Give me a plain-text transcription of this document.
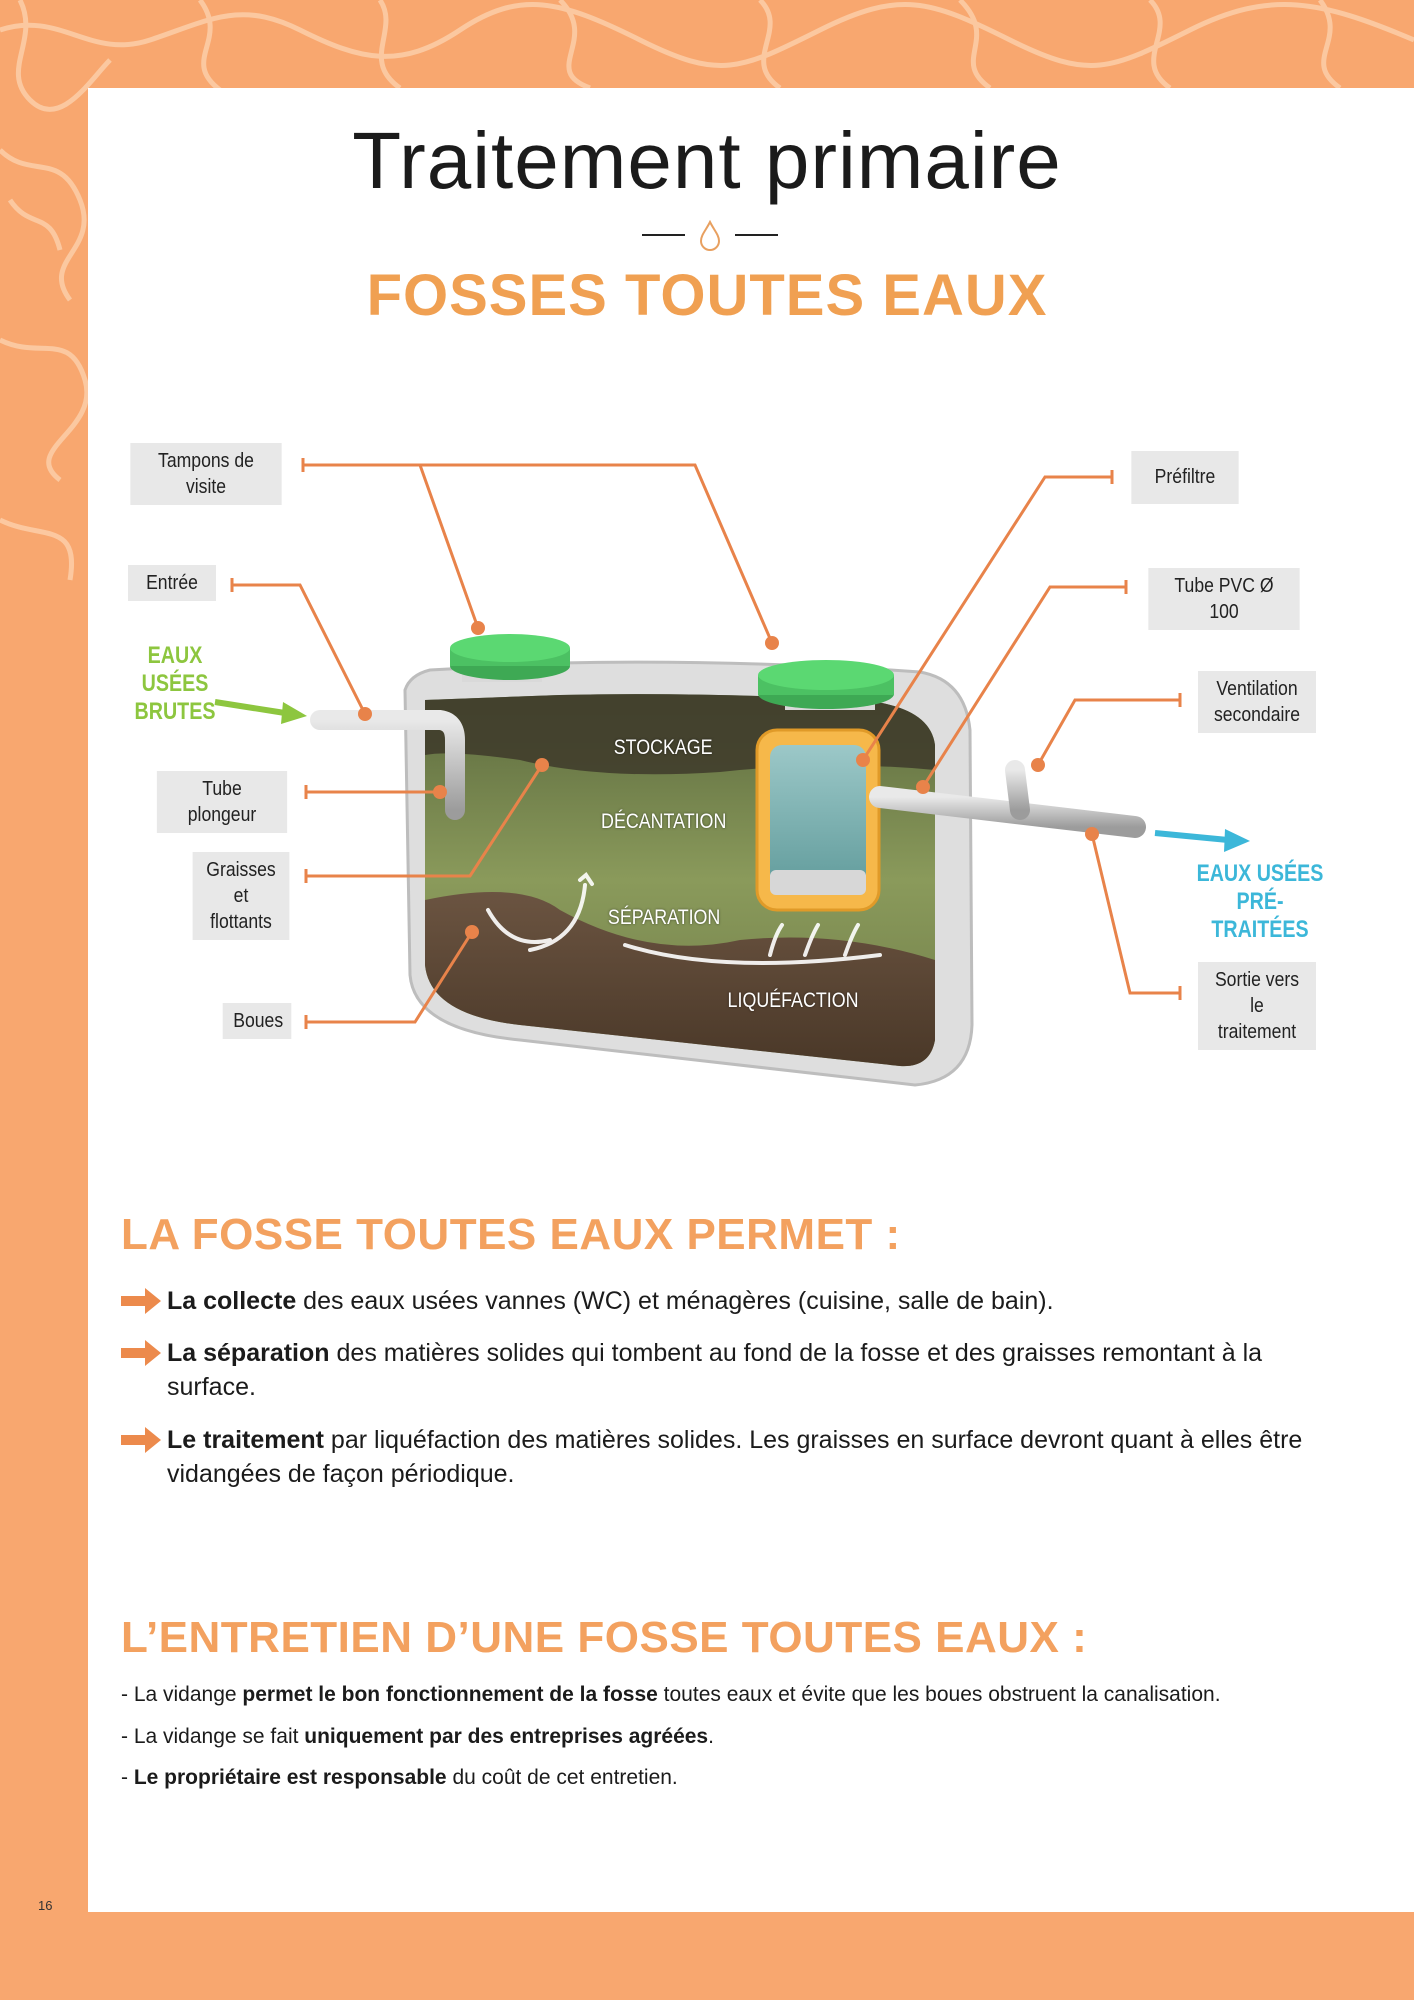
Traitement primaire
FOSSES TOUTES EAUX
Tampons de visite
Entrée
Tube plongeur
Graisses et
flottants
Boues
Préfiltre
Tube PVC Ø 100
Ventilation
secondaire
Sortie vers le
traitement
EAUX USÉES
BRUTES
EAUX USÉES
PRÉ-TRAITÉES
STOCKAGE
DÉCANTATION
SÉPARATION
LIQUÉFACTION
LA FOSSE TOUTES EAUX PERMET :
La collecte des eaux usées vannes (WC) et ménagères (cuisine, salle de bain).
La séparation des matières solides qui tombent au fond de la fosse et des graisses remontant à la surface.
Le traitement par liquéfaction des matières solides. Les graisses en surface devront quant à elles être vidangées de façon périodique.
L’ENTRETIEN D’UNE FOSSE TOUTES EAUX :
- La vidange permet le bon fonctionnement de la fosse toutes eaux et évite que les boues obstruent la canalisation.
- La vidange se fait uniquement par des entreprises agréées.
- Le propriétaire est responsable du coût de cet entretien.
16
